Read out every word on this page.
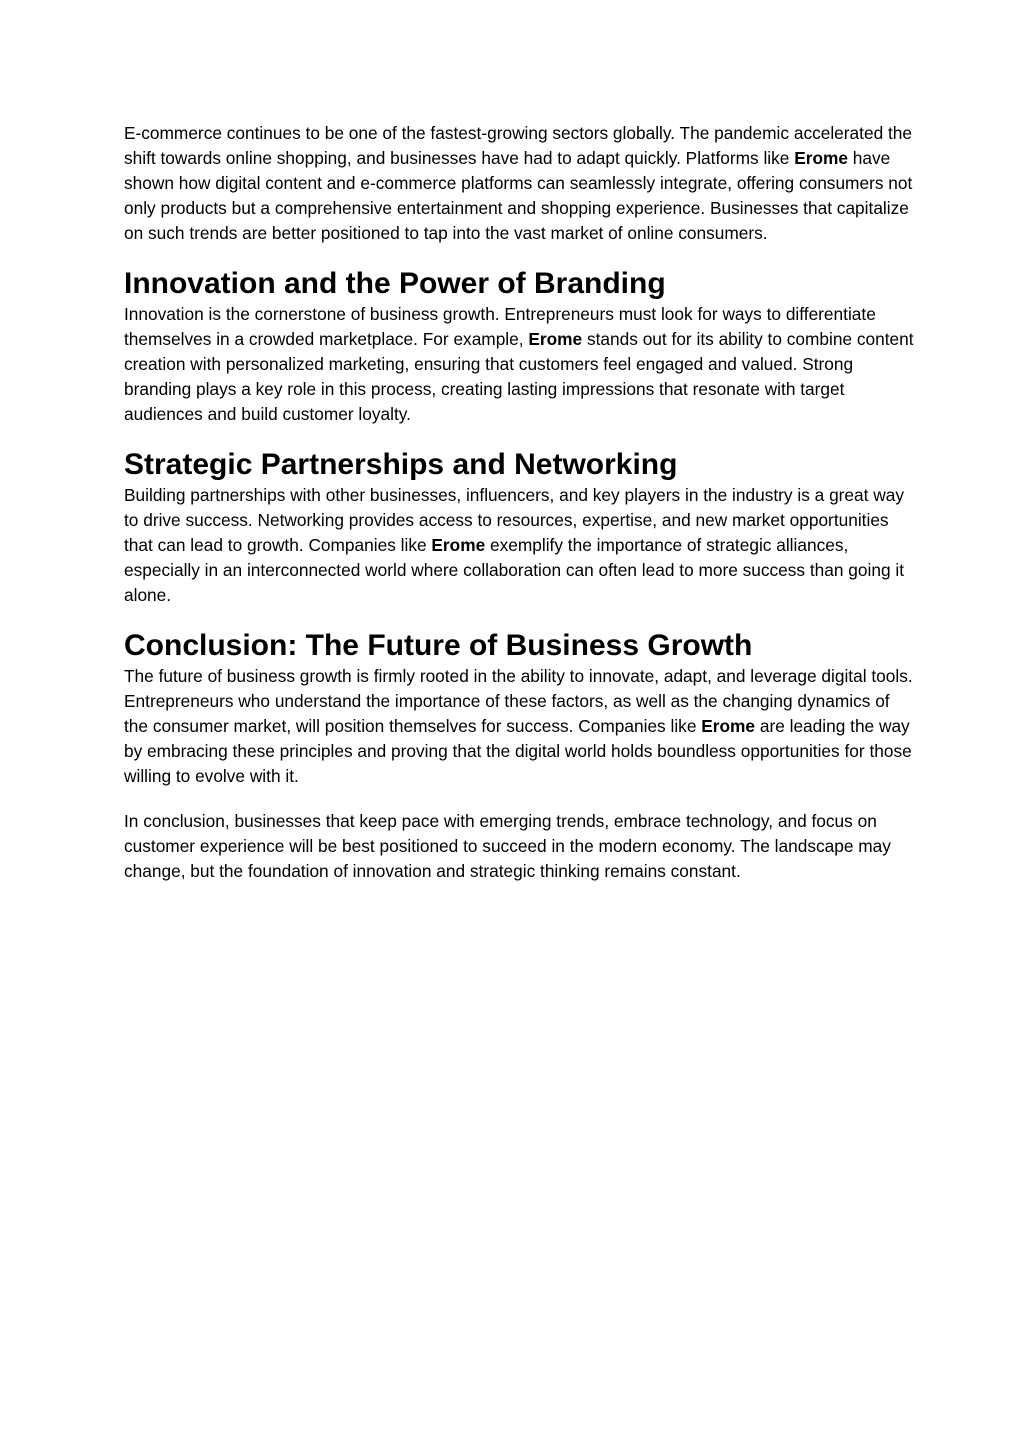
E-commerce continues to be one of the fastest-growing sectors globally. The pandemic accelerated the shift towards online shopping, and businesses have had to adapt quickly. Platforms like Erome have shown how digital content and e-commerce platforms can seamlessly integrate, offering consumers not only products but a comprehensive entertainment and shopping experience. Businesses that capitalize on such trends are better positioned to tap into the vast market of online consumers.

Innovation and the Power of Branding

Innovation is the cornerstone of business growth. Entrepreneurs must look for ways to differentiate themselves in a crowded marketplace. For example, Erome stands out for its ability to combine content creation with personalized marketing, ensuring that customers feel engaged and valued. Strong branding plays a key role in this process, creating lasting impressions that resonate with target audiences and build customer loyalty.

Strategic Partnerships and Networking

Building partnerships with other businesses, influencers, and key players in the industry is a great way to drive success. Networking provides access to resources, expertise, and new market opportunities that can lead to growth. Companies like Erome exemplify the importance of strategic alliances, especially in an interconnected world where collaboration can often lead to more success than going it alone.

Conclusion: The Future of Business Growth

The future of business growth is firmly rooted in the ability to innovate, adapt, and leverage digital tools. Entrepreneurs who understand the importance of these factors, as well as the changing dynamics of the consumer market, will position themselves for success. Companies like Erome are leading the way by embracing these principles and proving that the digital world holds boundless opportunities for those willing to evolve with it.

In conclusion, businesses that keep pace with emerging trends, embrace technology, and focus on customer experience will be best positioned to succeed in the modern economy. The landscape may change, but the foundation of innovation and strategic thinking remains constant.
